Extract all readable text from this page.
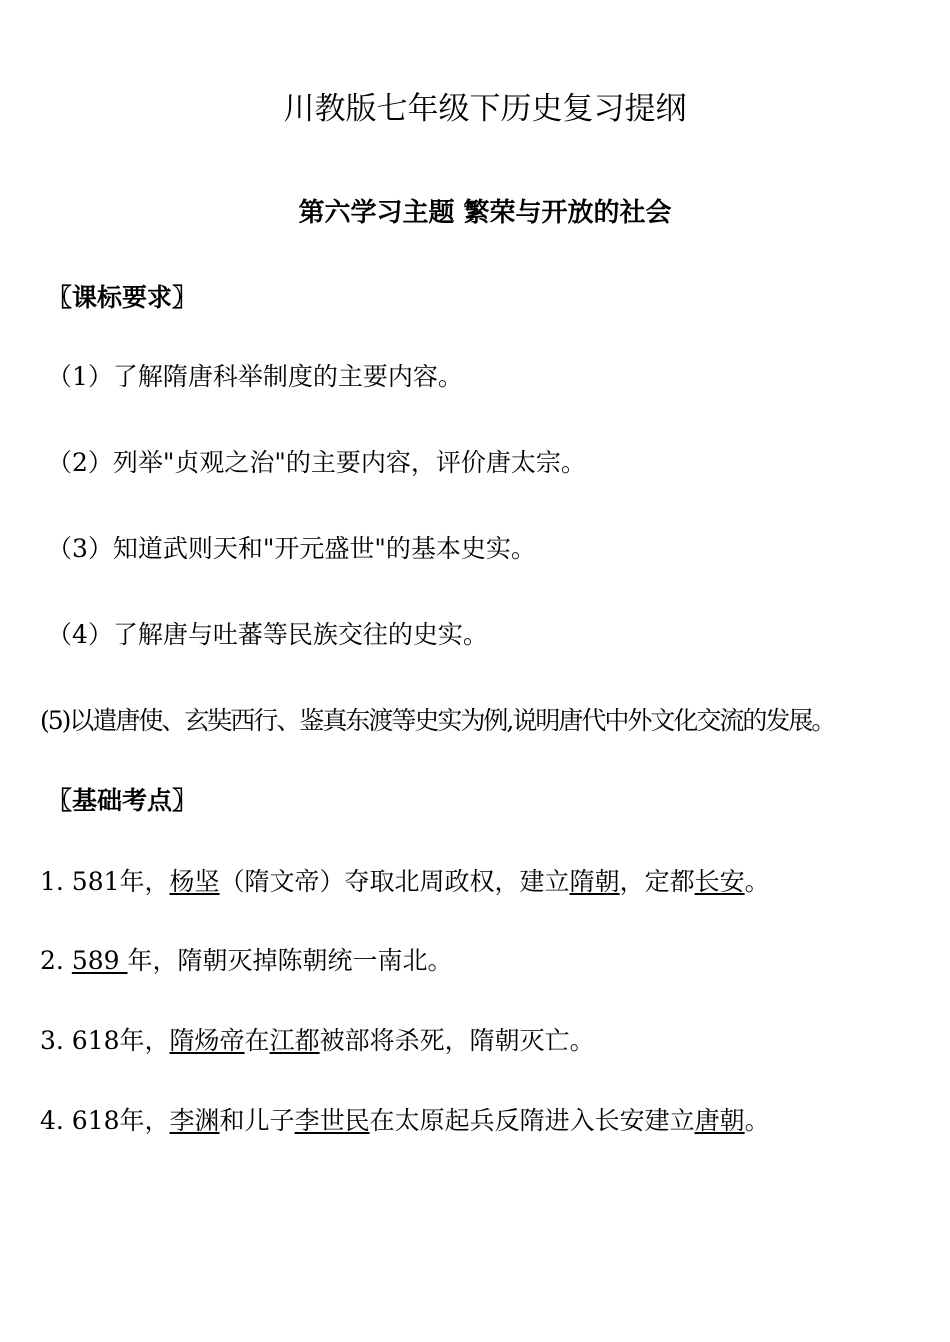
川教版七年级下历史复习提纲
第六学习主题 繁荣与开放的社会
〖课标要求〗
（1）了解隋唐科举制度的主要内容。
（2）列举"贞观之治"的主要内容，评价唐太宗。
（3）知道武则天和"开元盛世"的基本史实。
（4）了解唐与吐蕃等民族交往的史实。
(5)以遣唐使、玄奘西行、鉴真东渡等史实为例,说明唐代中外文化交流的发展。
〖基础考点〗
1. 581年，杨坚（隋文帝）夺取北周政权，建立隋朝，定都长安。
2. 589 年，隋朝灭掉陈朝统一南北。
3. 618年，隋炀帝在江都被部将杀死，隋朝灭亡。
4. 618年，李渊和儿子李世民在太原起兵反隋进入长安建立唐朝。
